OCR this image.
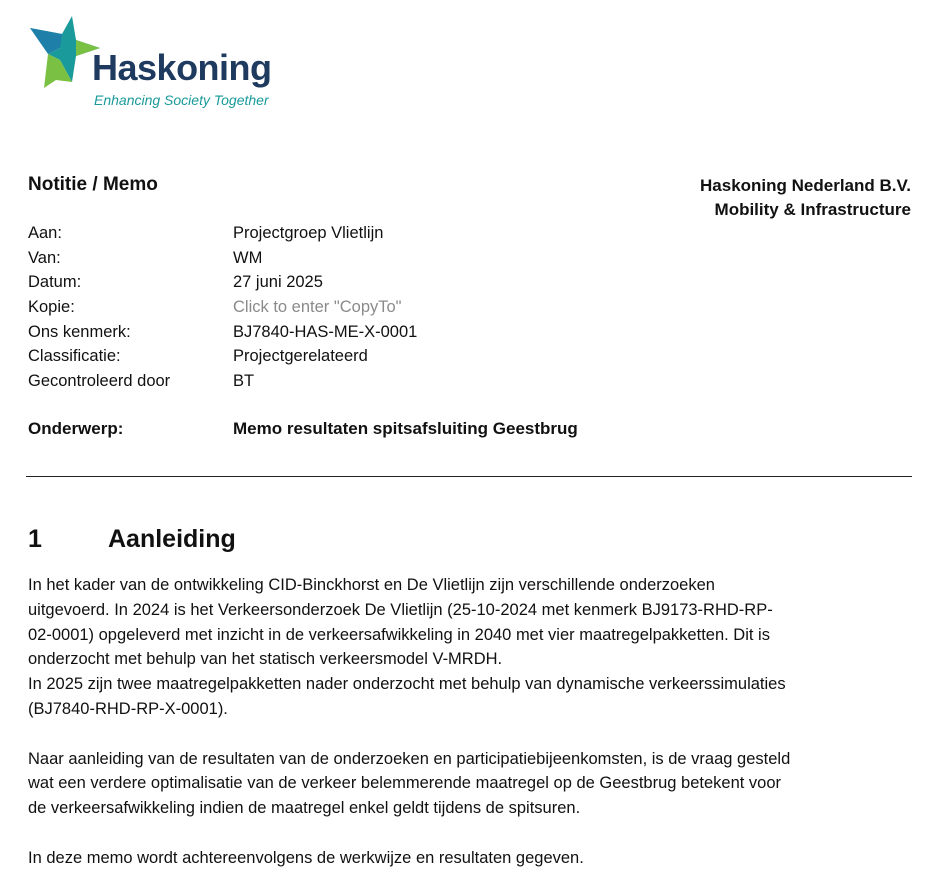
Haskoning
Enhancing Society Together
Notitie / Memo	Haskoning Nederland B.V.
Mobility & Infrastructure
Aan:	Projectgroep Vlietlijn
Van:	WM
Datum:	27 juni 2025
Kopie:	Click to enter "CopyTo"
Ons kenmerk:	BJ7840-HAS-ME-X-0001
Classificatie:	Projectgerelateerd
Gecontroleerd door	BT
Onderwerp:	Memo resultaten spitsafsluiting Geestbrug
1	Aanleiding
In het kader van de ontwikkeling CID-Binckhorst en De Vlietlijn zijn verschillende onderzoeken
uitgevoerd. In 2024 is het Verkeersonderzoek De Vlietlijn (25-10-2024 met kenmerk BJ9173-RHD-RP-
02-0001) opgeleverd met inzicht in de verkeersafwikkeling in 2040 met vier maatregelpakketten. Dit is
onderzocht met behulp van het statisch verkeersmodel V-MRDH.
In 2025 zijn twee maatregelpakketten nader onderzocht met behulp van dynamische verkeerssimulaties
(BJ7840-RHD-RP-X-0001).
Naar aanleiding van de resultaten van de onderzoeken en participatiebijeenkomsten, is de vraag gesteld
wat een verdere optimalisatie van de verkeer belemmerende maatregel op de Geestbrug betekent voor
de verkeersafwikkeling indien de maatregel enkel geldt tijdens de spitsuren.
In deze memo wordt achtereenvolgens de werkwijze en resultaten gegeven.
